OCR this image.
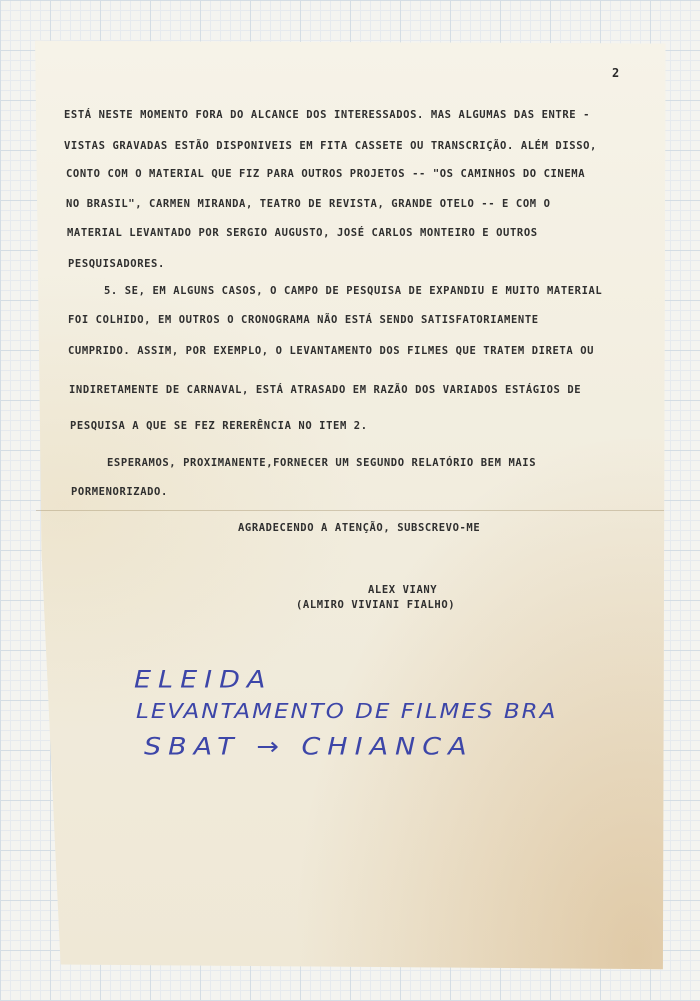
2
ESTÁ NESTE MOMENTO FORA DO ALCANCE DOS INTERESSADOS. MAS ALGUMAS DAS ENTRE -
VISTAS GRAVADAS ESTÃO DISPONIVEIS EM FITA CASSETE OU TRANSCRIÇÃO. ALÉM DISSO,
CONTO COM O MATERIAL QUE FIZ PARA OUTROS PROJETOS -- "OS CAMINHOS DO CINEMA
NO BRASIL", CARMEN MIRANDA, TEATRO DE REVISTA, GRANDE OTELO -- E COM O
MATERIAL LEVANTADO POR SERGIO AUGUSTO, JOSÉ CARLOS MONTEIRO E OUTROS
PESQUISADORES.
5. SE, EM ALGUNS CASOS, O CAMPO DE PESQUISA DE EXPANDIU E MUITO MATERIAL
FOI COLHIDO, EM OUTROS O CRONOGRAMA NÃO ESTÁ SENDO SATISFATORIAMENTE
CUMPRIDO. ASSIM, POR EXEMPLO, O LEVANTAMENTO DOS FILMES QUE TRATEM DIRETA OU
INDIRETAMENTE DE CARNAVAL, ESTÁ ATRASADO EM RAZÃO DOS VARIADOS ESTÁGIOS DE
PESQUISA A QUE SE FEZ RERERÊNCIA NO ITEM 2.
ESPERAMOS, PROXIMANENTE,FORNECER UM SEGUNDO RELATÓRIO BEM MAIS
PORMENORIZADO.
AGRADECENDO A ATENÇÃO, SUBSCREVO-ME
ALEX VIANY
(ALMIRO VIVIANI FIALHO)
ELEIDA
LEVANTAMENTO DE FILMES BRA
SBAT → CHIANCA
